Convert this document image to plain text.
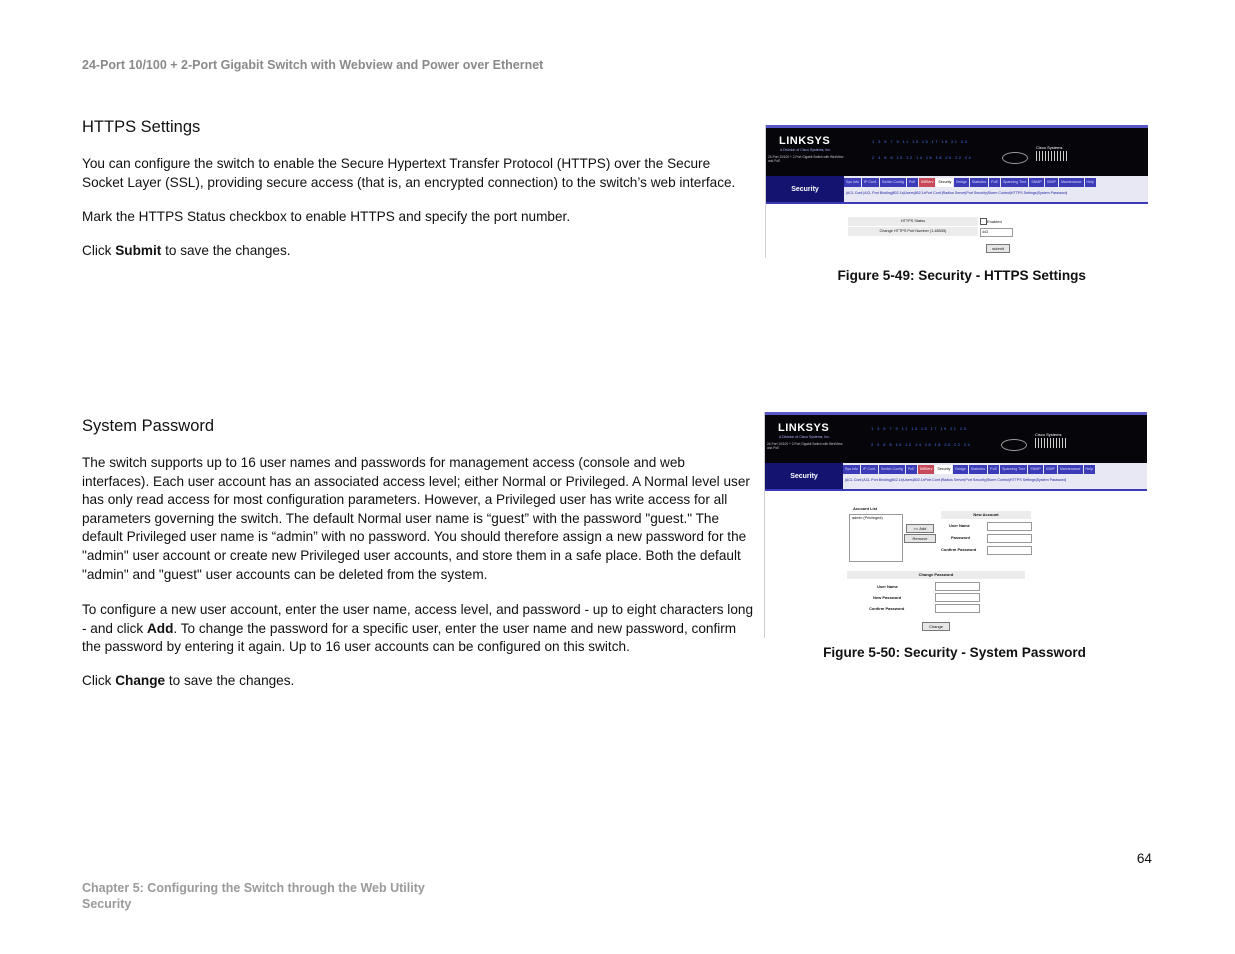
24-Port 10/100 + 2-Port Gigabit Switch with Webview and Power over Ethernet
HTTPS Settings

You can configure the switch to enable the Secure Hypertext Transfer Protocol (HTTPS) over the Secure Socket Layer (SSL), providing secure access (that is, an encrypted connection) to the switch’s web interface.

Mark the HTTPS Status checkbox to enable HTTPS and specify the port number.

Click Submit to save the changes.

LINKSYS
A Division of Cisco Systems, Inc.
24-Port 10/100 + 2-Port Gigabit Switch with WebView and PoE
1 3 5 7 9 11 13 15 17 19 21 23
2 4 6 8 10 12 14 16 18 20 22 24
Cisco Systems
Security
Sys Info	IP Conf.	Switch Config	PoE	DiffServ	Security	Bridge	Statistics	PoE	Spanning Tree	SNMP	IGMP	Maintenance	Help
|ACL Conf.|ACL Port Binding|802.1x|Users|802.1xPort Conf.|Radius Server|Port Security|Storm Control|HTTPS Settings|System Password|
HTTPS Status	Enabled
Change HTTPS Port Number (1-65535)	443
submit
Figure 5-49: Security - HTTPS Settings
System Password

The switch supports up to 16 user names and passwords for management access (console and web interfaces). Each user account has an associated access level; either Normal or Privileged. A Normal level user has only read access for most configuration parameters. However, a Privileged user has write access for all parameters governing the switch. The default Normal user name is “guest” with the password "guest." The default Privileged user name is “admin” with no password. You should therefore assign a new password for the "admin" user account or create new Privileged user accounts, and store them in a safe place. Both the default "admin" and "guest" user accounts can be deleted from the system.

To configure a new user account, enter the user name, access level, and password - up to eight characters long - and click Add. To change the password for a specific user, enter the user name and new password, confirm the password by entering it again. Up to 16 user accounts can be configured on this switch.

Click Change to save the changes.

LINKSYS
A Division of Cisco Systems, Inc.
24-Port 10/100 + 2-Port Gigabit Switch with WebView and PoE
1 3 5 7 9 11 13 15 17 19 21 23
2 4 6 8 10 12 14 16 18 20 22 24
Cisco Systems
Security
Sys Info	IP Conf.	Switch Config	PoE	DiffServ	Security	Bridge	Statistics	PoE	Spanning Tree	SNMP	IGMP	Maintenance	Help
|ACL Conf.|ACL Port Binding|802.1x|Users|802.1xPort Conf.|Radius Server|Port Security|Storm Control|HTTPS Settings|System Password|
Account List
admin (Privileged)
<< Add
Remove
New Account
User Name
Password
Confirm Password
Change Password
User Name
New Password
Confirm Password
Change
Figure 5-50: Security - System Password
64
Chapter 5: Configuring the Switch through the Web Utility
Security
